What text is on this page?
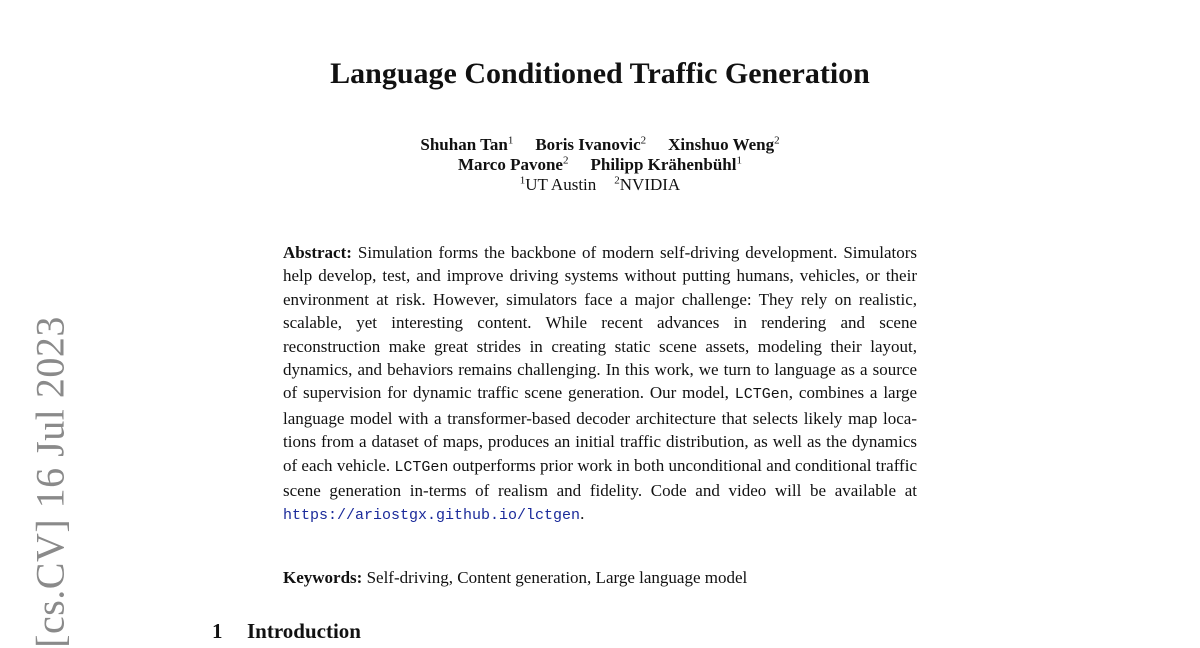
[cs.CV] 16 Jul 2023
Language Conditioned Traffic Generation
Shuhan Tan$^1$ Boris Ivanovic$^2$ Xinshuo Weng$^2$
Marco Pavone$^2$ Philipp Krähenbühl$^1$
$^1$UT Austin $^2$NVIDIA
Abstract: Simulation forms the backbone of modern self-driving development. Simulators help develop, test, and improve driving systems without putting humans, vehicles, or their environment at risk. However, simulators face a major challenge: They rely on realistic, scalable, yet interesting content. While recent advances in rendering and scene reconstruction make great strides in creating static scene assets, modeling their layout, dynamics, and behaviors remains challenging. In this work, we turn to language as a source of supervision for dynamic traffic scene generation. Our model, LCTGen, combines a large language model with a transformer-based decoder architecture that selects likely map locations from a dataset of maps, produces an initial traffic distribution, as well as the dynamics of each vehicle. LCTGen outperforms prior work in both unconditional and conditional traffic scene generation in-terms of realism and fidelity. Code and video will be available at https://ariostgx.github.io/lctgen.
Keywords: Self-driving, Content generation, Large language model
1 Introduction
